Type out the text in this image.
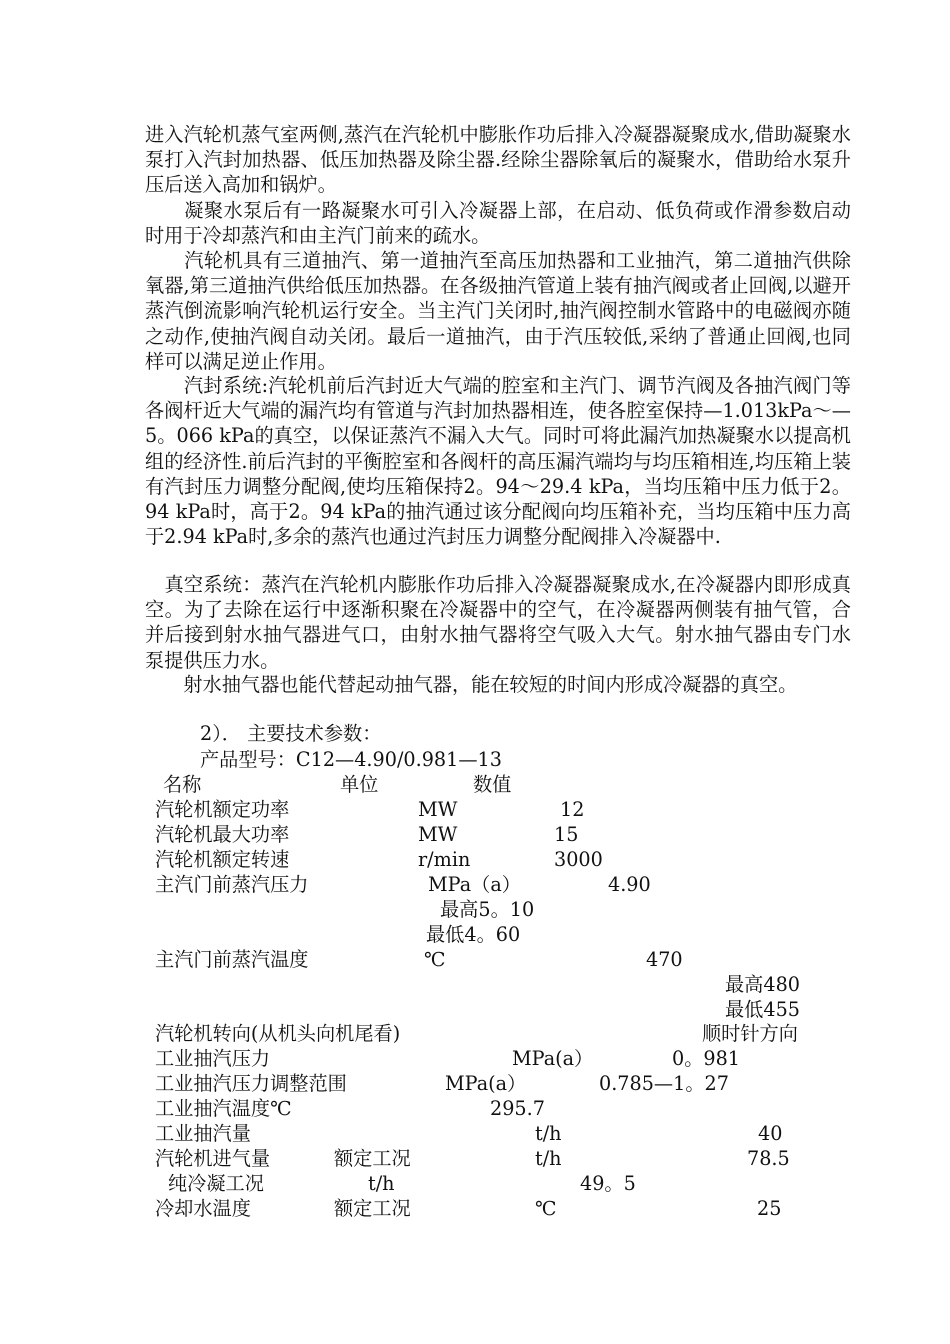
进入汽轮机蒸气室两侧,蒸汽在汽轮机中膨胀作功后排入冷凝器凝聚成水,借助凝聚水泵打入汽封加热器、低压加热器及除尘器.经除尘器除氧后的凝聚水，借助给水泵升压后送入高加和锅炉。

　　凝聚水泵后有一路凝聚水可引入冷凝器上部，在启动、低负荷或作滑参数启动时用于冷却蒸汽和由主汽门前来的疏水。

　　汽轮机具有三道抽汽、第一道抽汽至高压加热器和工业抽汽，第二道抽汽供除氧器,第三道抽汽供给低压加热器。在各级抽汽管道上装有抽汽阀或者止回阀,以避开蒸汽倒流影响汽轮机运行安全。当主汽门关闭时,抽汽阀控制水管路中的电磁阀亦随之动作,使抽汽阀自动关闭。最后一道抽汽，由于汽压较低,采纳了普通止回阀,也同样可以满足逆止作用。

　　汽封系统:汽轮机前后汽封近大气端的腔室和主汽门、调节汽阀及各抽汽阀门等各阀杆近大气端的漏汽均有管道与汽封加热器相连，使各腔室保持—1.013kPa～—5。066 kPa的真空，以保证蒸汽不漏入大气。同时可将此漏汽加热凝聚水以提高机组的经济性.前后汽封的平衡腔室和各阀杆的高压漏汽端均与均压箱相连,均压箱上装有汽封压力调整分配阀,使均压箱保持2。94～29.4 kPa，当均压箱中压力低于2。94 kPa时，高于2。94 kPa的抽汽通过该分配阀向均压箱补充，当均压箱中压力高于2.94 kPa时,多余的蒸汽也通过汽封压力调整分配阀排入冷凝器中.

　真空系统：蒸汽在汽轮机内膨胀作功后排入冷凝器凝聚成水,在冷凝器内即形成真空。为了去除在运行中逐渐积聚在冷凝器中的空气，在冷凝器两侧装有抽气管，合并后接到射水抽气器进气口，由射水抽气器将空气吸入大气。射水抽气器由专门水泵提供压力水。

　　射水抽气器也能代替起动抽气器，能在较短的时间内形成冷凝器的真空。

2）． 主要技术参数：
产品型号：C12—4.90/0.981—13
名称	单位	数值
汽轮机额定功率	MW	12
汽轮机最大功率	MW	15
汽轮机额定转速	r/min	3000
主汽门前蒸汽压力	MPa（a）	4.90
最高5。10
最低4。60
主汽门前蒸汽温度	℃	470
最高480
最低455
汽轮机转向(从机头向机尾看)	顺时针方向
工业抽汽压力	MPa(a）	0。981
工业抽汽压力调整范围	MPa(a）	0.785—1。27
工业抽汽温度℃	295.7
工业抽汽量	t/h	40
汽轮机进气量	额定工况	t/h	78.5
纯冷凝工况	t/h	49。5
冷却水温度	额定工况	℃	25
